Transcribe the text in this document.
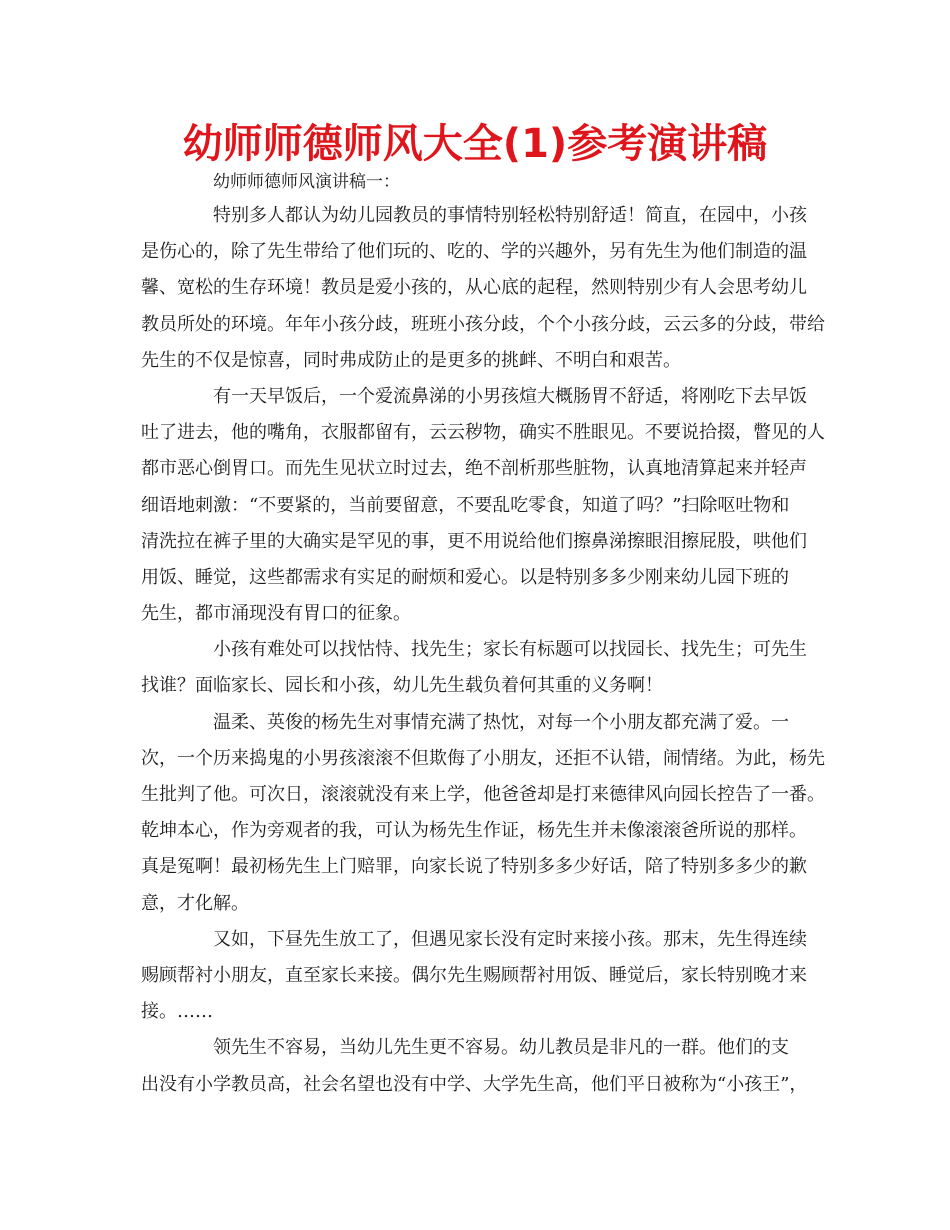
幼师师德师风大全(1)参考演讲稿
幼师师德师风演讲稿一：

特别多人都认为幼儿园教员的事情特别轻松特别舒适！简直，在园中，小孩
是伤心的，除了先生带给了他们玩的、吃的、学的兴趣外，另有先生为他们制造的温
馨、宽松的生存环境！教员是爱小孩的，从心底的起程，然则特别少有人会思考幼儿
教员所处的环境。年年小孩分歧，班班小孩分歧，个个小孩分歧，云云多的分歧，带给
先生的不仅是惊喜，同时弗成防止的是更多的挑衅、不明白和艰苦。

有一天早饭后，一个爱流鼻涕的小男孩煊大概肠胃不舒适，将刚吃下去早饭
吐了进去，他的嘴角，衣服都留有，云云秽物，确实不胜眼见。不要说拾掇，瞥见的人
都市恶心倒胃口。而先生见状立时过去，绝不剖析那些脏物，认真地清算起来并轻声
细语地刺激：“不要紧的，当前要留意，不要乱吃零食，知道了吗？”扫除呕吐物和
清洗拉在裤子里的大确实是罕见的事，更不用说给他们擦鼻涕擦眼泪擦屁股，哄他们
用饭、睡觉，这些都需求有实足的耐烦和爱心。以是特别多多少刚来幼儿园下班的
先生，都市涌现没有胃口的征象。

小孩有难处可以找怙恃、找先生；家长有标题可以找园长、找先生；可先生
找谁？面临家长、园长和小孩，幼儿先生载负着何其重的义务啊！

温柔、英俊的杨先生对事情充满了热忱，对每一个小朋友都充满了爱。一
次，一个历来捣鬼的小男孩滚滚不但欺侮了小朋友，还拒不认错，闹情绪。为此，杨先
生批判了他。可次日，滚滚就没有来上学，他爸爸却是打来德律风向园长控告了一番。
乾坤本心，作为旁观者的我，可认为杨先生作证，杨先生并未像滚滚爸所说的那样。
真是冤啊！最初杨先生上门赔罪，向家长说了特别多多少好话，陪了特别多多少的歉
意，才化解。

又如，下昼先生放工了，但遇见家长没有定时来接小孩。那末，先生得连续
赐顾帮衬小朋友，直至家长来接。偶尔先生赐顾帮衬用饭、睡觉后，家长特别晚才来
接。……

领先生不容易，当幼儿先生更不容易。幼儿教员是非凡的一群。他们的支
出没有小学教员高，社会名望也没有中学、大学先生高，他们平日被称为“小孩王”，
